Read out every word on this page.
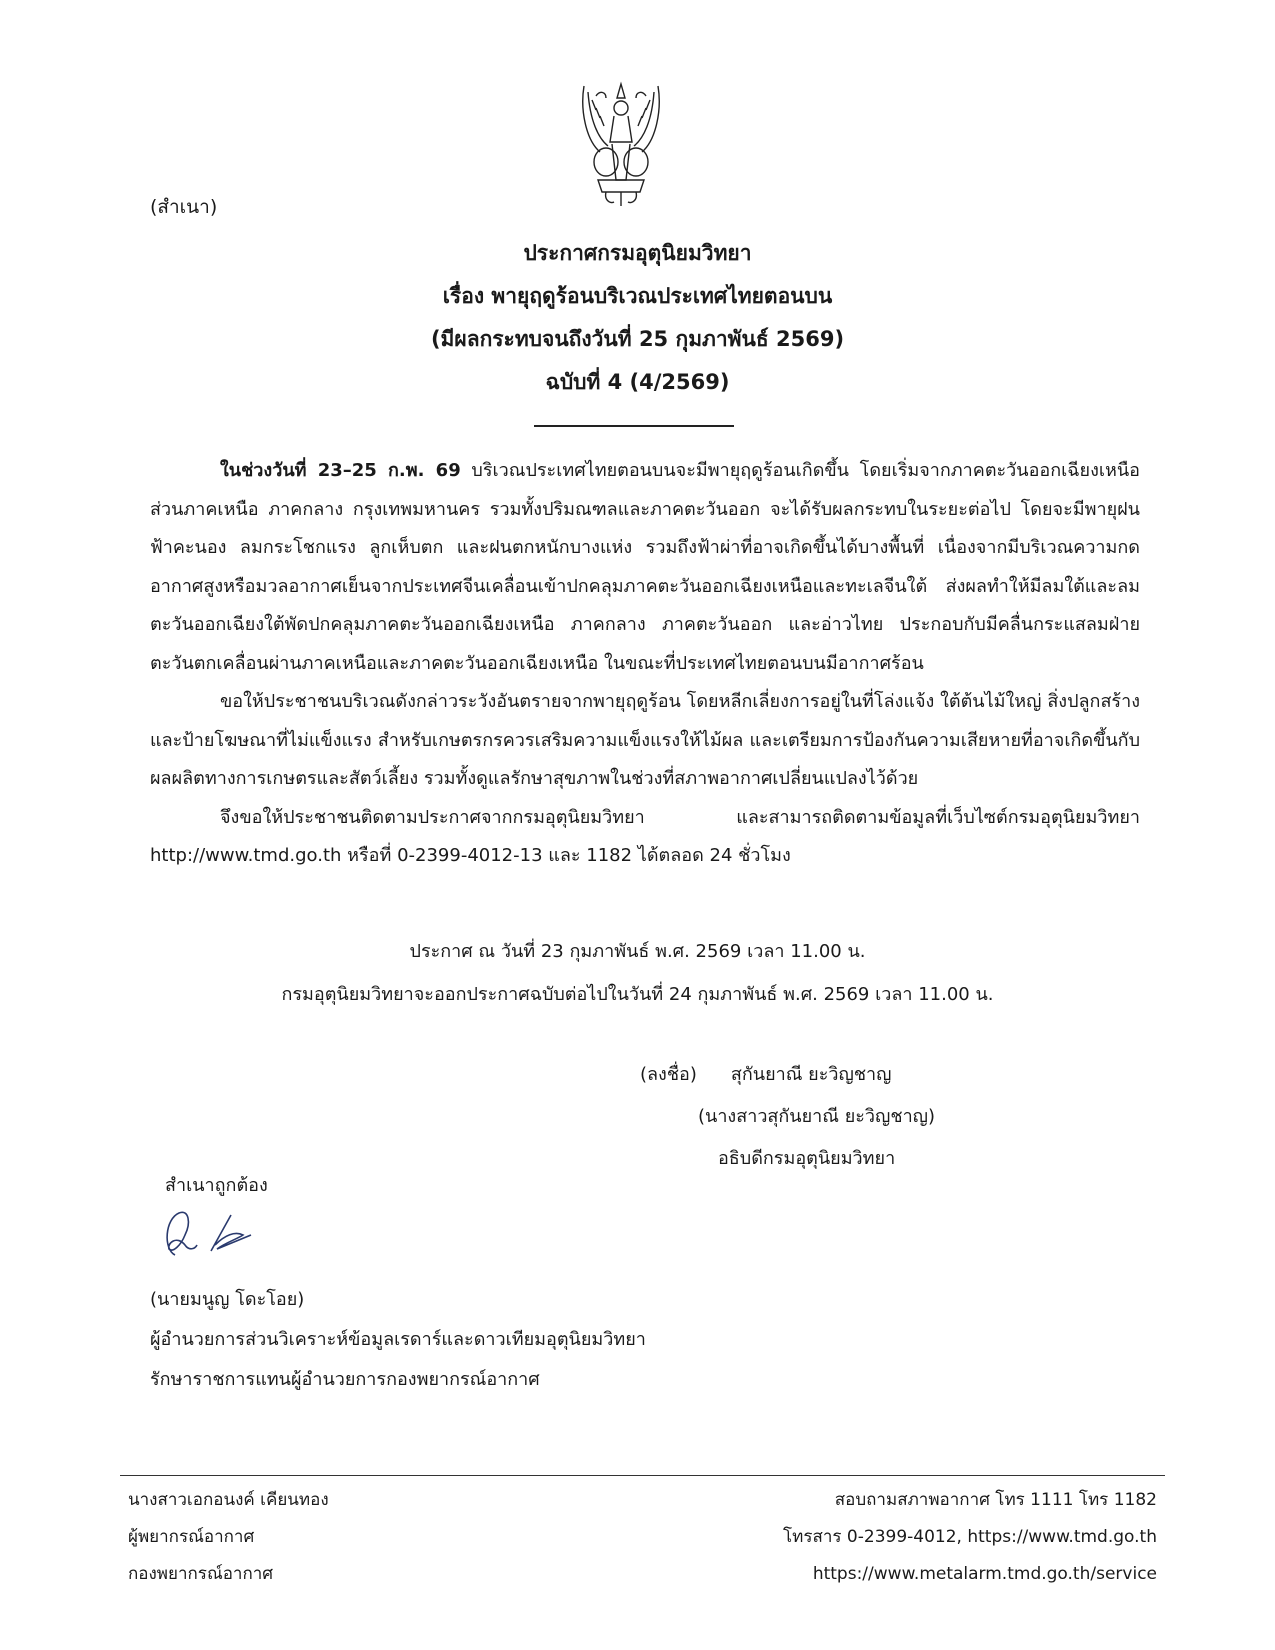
(สำเนา)
ประกาศกรมอุตุนิยมวิทยา
เรื่อง พายุฤดูร้อนบริเวณประเทศไทยตอนบน
(มีผลกระทบจนถึงวันที่ 25 กุมภาพันธ์ 2569)
ฉบับที่ 4 (4/2569)

ในช่วงวันที่ 23–25 ก.พ. 69 บริเวณประเทศไทยตอนบนจะมีพายุฤดูร้อนเกิดขึ้น โดยเริ่มจากภาคตะวันออกเฉียงเหนือส่วนภาคเหนือ ภาคกลาง กรุงเทพมหานคร รวมทั้งปริมณฑลและภาคตะวันออก จะได้รับผลกระทบในระยะต่อไป โดยจะมีพายุฝนฟ้าคะนอง ลมกระโชกแรง ลูกเห็บตก และฝนตกหนักบางแห่ง รวมถึงฟ้าผ่าที่อาจเกิดขึ้นได้บางพื้นที่ เนื่องจากมีบริเวณความกดอากาศสูงหรือมวลอากาศเย็นจากประเทศจีนเคลื่อนเข้าปกคลุมภาคตะวันออกเฉียงเหนือและทะเลจีนใต้ ส่งผลทำให้มีลมใต้และลมตะวันออกเฉียงใต้พัดปกคลุมภาคตะวันออกเฉียงเหนือ ภาคกลาง ภาคตะวันออก และอ่าวไทย ประกอบกับมีคลื่นกระแสลมฝ่ายตะวันตกเคลื่อนผ่านภาคเหนือและภาคตะวันออกเฉียงเหนือ ในขณะที่ประเทศไทยตอนบนมีอากาศร้อน

ขอให้ประชาชนบริเวณดังกล่าวระวังอันตรายจากพายุฤดูร้อน โดยหลีกเลี่ยงการอยู่ในที่โล่งแจ้ง ใต้ต้นไม้ใหญ่ สิ่งปลูกสร้างและป้ายโฆษณาที่ไม่แข็งแรง สำหรับเกษตรกรควรเสริมความแข็งแรงให้ไม้ผล และเตรียมการป้องกันความเสียหายที่อาจเกิดขึ้นกับผลผลิตทางการเกษตรและสัตว์เลี้ยง รวมทั้งดูแลรักษาสุขภาพในช่วงที่สภาพอากาศเปลี่ยนแปลงไว้ด้วย

จึงขอให้ประชาชนติดตามประกาศจากกรมอุตุนิยมวิทยา และสามารถติดตามข้อมูลที่เว็บไซต์กรมอุตุนิยมวิทยา http://www.tmd.go.th หรือที่ 0-2399-4012-13 และ 1182 ได้ตลอด 24 ชั่วโมง

ประกาศ ณ วันที่ 23 กุมภาพันธ์ พ.ศ. 2569 เวลา 11.00 น.
กรมอุตุนิยมวิทยาจะออกประกาศฉบับต่อไปในวันที่ 24 กุมภาพันธ์ พ.ศ. 2569 เวลา 11.00 น.
(ลงชื่อ) สุกันยาณี ยะวิญชาญ
(นางสาวสุกันยาณี ยะวิญชาญ)
อธิบดีกรมอุตุนิยมวิทยา
สำเนาถูกต้อง
(นายมนูญ โดะโอย)
ผู้อำนวยการส่วนวิเคราะห์ข้อมูลเรดาร์และดาวเทียมอุตุนิยมวิทยา
รักษาราชการแทนผู้อำนวยการกองพยากรณ์อากาศ
นางสาวเอกอนงค์ เคียนทอง
ผู้พยากรณ์อากาศ
กองพยากรณ์อากาศ
สอบถามสภาพอากาศ โทร 1111 โทร 1182
โทรสาร 0-2399-4012, https://www.tmd.go.th
https://www.metalarm.tmd.go.th/service
